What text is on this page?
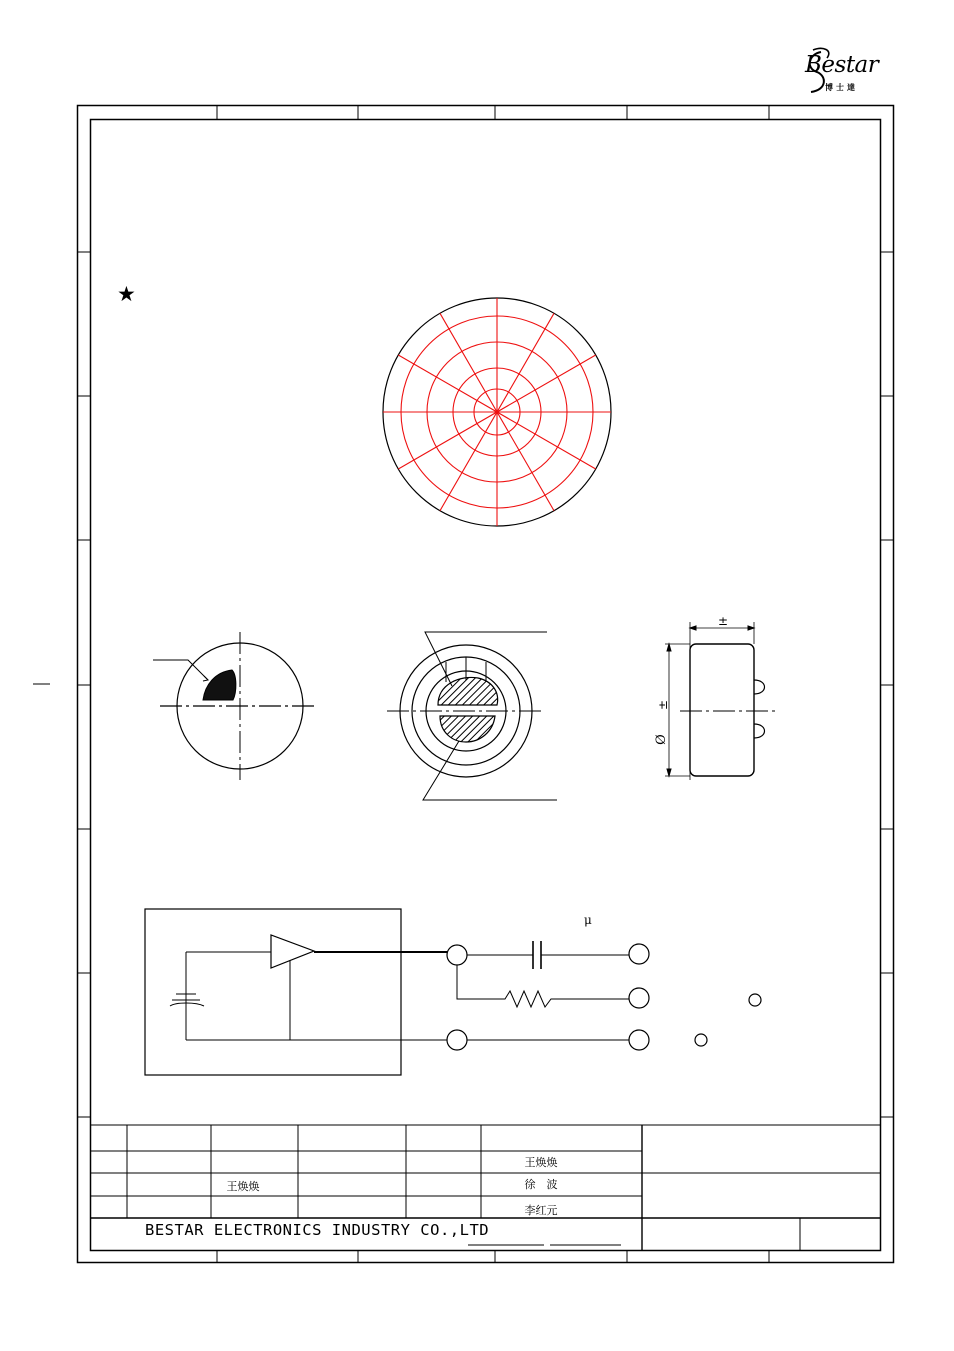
Bestar
博士達
★
±
Ø
±
μ
王焕焕
王焕焕	徐　波
李红元
BESTAR ELECTRONICS INDUSTRY CO.,LTD
